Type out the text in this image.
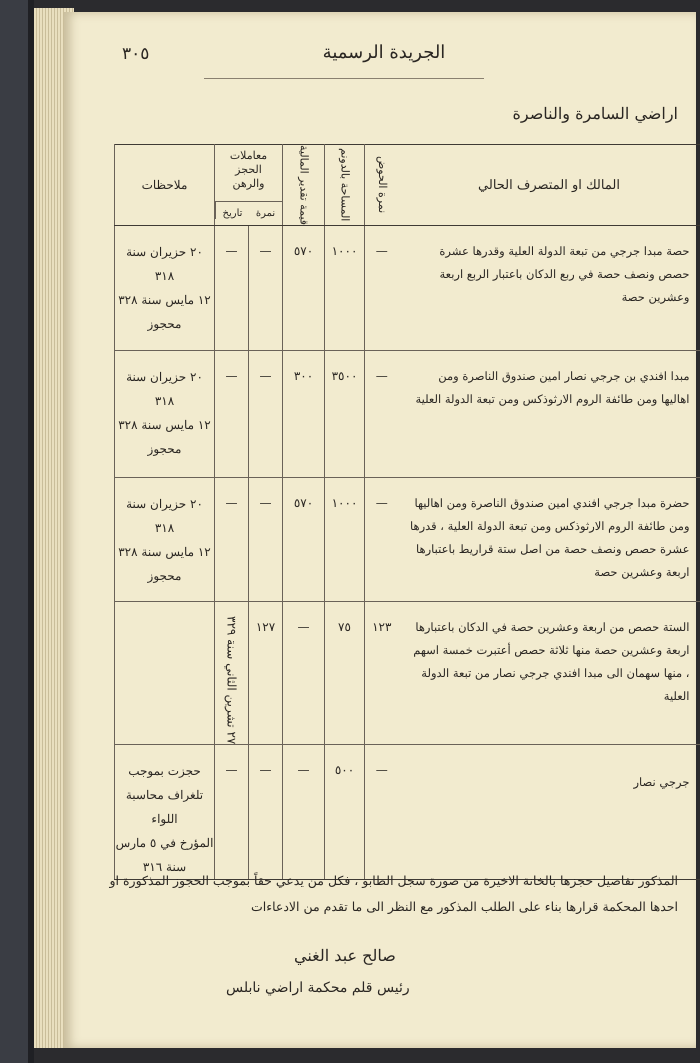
٣٠٥	الجريدة الرسمية
اراضي السامرة والناصرة
ملاحظات	معاملات الحجز والرهن
تاريخ نمرة		قيمة تقدير المالية	المساحة بالدونم	نمرة الحوض	المالك او المتصرف الحالي

٢٠ حزيران سنة ٣١٨
١٢ مايس سنة ٣٢٨
محجوز	—	—	٥٧٠	١٠٠٠	—	حصة مبدا جرجي من تبعة الدولة العلية وقدرها عشرة حصص ونصف حصة في ربع الدكان باعتبار الربع اربعة وعشرين حصة

٢٠ حزيران سنة ٣١٨
١٢ مايس سنة ٣٢٨
محجوز	—	—	٣٠٠	٣٥٠٠	—	مبدا افندي بن جرجي نصار امين صندوق الناصرة ومن اهاليها ومن طائفة الروم الارثوذكس ومن تبعة الدولة العلية

٢٠ حزيران سنة ٣١٨
١٢ مايس سنة ٣٢٨
محجوز	—	—	٥٧٠	١٠٠٠	—	حضرة مبدا جرجي افندي امين صندوق الناصرة ومن اهاليها ومن طائفة الروم الارثوذكس ومن تبعة الدولة العلية ، قدرها عشرة حصص ونصف حصة من اصل ستة قراريط باعتبارها اربعة وعشرين حصة

	٢٧ تشرين الثاني سنة ٣٢٩	١٢٧	—	٧٥	١٢٣	الستة حصص من اربعة وعشرين حصة في الدكان باعتبارها اربعة وعشرين حصة منها ثلاثة حصص أعتبرت خمسة اسهم ، منها سهمان الى مبدا افندي جرجي نصار من تبعة الدولة العلية

حجزت بموجب
تلغراف محاسبة اللواء
المؤرخ في ٥ مارس
سنة ٣١٦	—	—	—	٥٠٠	—	جرجي نصار
المذكور تفاصيل حجزها بالخانة الاخيرة من صورة سجل الطابو ، فكل من يدعي حقاً بموجب الحجوز المذكورة او احدها المحكمة قرارها بناء على الطلب المذكور مع النظر الى ما تقدم من الادعاءات
صالح عبد الغني
رئيس قلم محكمة اراضي نابلس
